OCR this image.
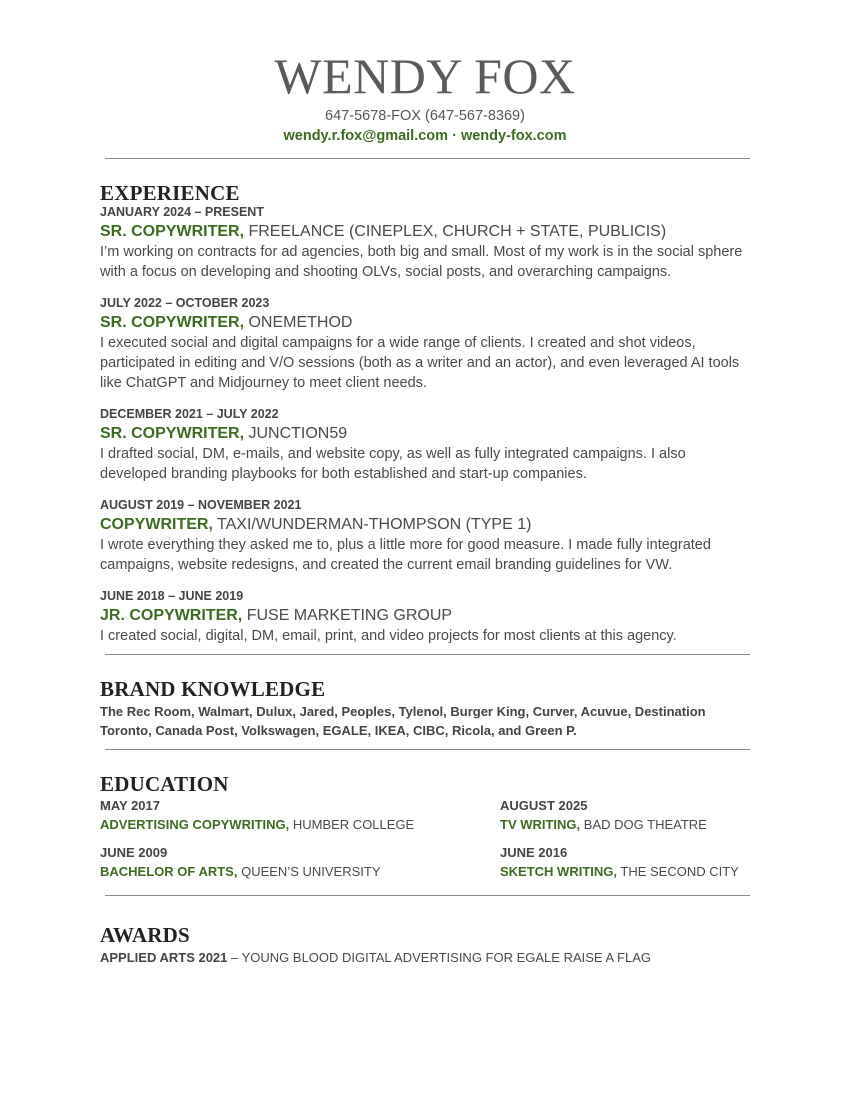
WENDY FOX
647-5678-FOX (647-567-8369)
wendy.r.fox@gmail.com · wendy-fox.com
EXPERIENCE
JANUARY 2024 – PRESENT
SR. COPYWRITER, FREELANCE (CINEPLEX, CHURCH + STATE, PUBLICIS)
I’m working on contracts for ad agencies, both big and small. Most of my work is in the social sphere with a focus on developing and shooting OLVs, social posts, and overarching campaigns.
JULY 2022 – OCTOBER 2023
SR. COPYWRITER, ONEMETHOD
I executed social and digital campaigns for a wide range of clients. I created and shot videos, participated in editing and V/O sessions (both as a writer and an actor), and even leveraged AI tools like ChatGPT and Midjourney to meet client needs.
DECEMBER 2021 – JULY 2022
SR. COPYWRITER, JUNCTION59
I drafted social, DM, e-mails, and website copy, as well as fully integrated campaigns. I also developed branding playbooks for both established and start-up companies.
AUGUST 2019 – NOVEMBER 2021
COPYWRITER, TAXI/WUNDERMAN-THOMPSON (TYPE 1)
I wrote everything they asked me to, plus a little more for good measure. I made fully integrated campaigns, website redesigns, and created the current email branding guidelines for VW.
JUNE 2018 – JUNE 2019
JR. COPYWRITER, FUSE MARKETING GROUP
I created social, digital, DM, email, print, and video projects for most clients at this agency.
BRAND KNOWLEDGE
The Rec Room, Walmart, Dulux, Jared, Peoples, Tylenol, Burger King, Curver, Acuvue, Destination Toronto, Canada Post, Volkswagen, EGALE, IKEA, CIBC, Ricola, and Green P.
EDUCATION
MAY 2017
ADVERTISING COPYWRITING, HUMBER COLLEGE
AUGUST 2025
TV WRITING, BAD DOG THEATRE
JUNE 2009
BACHELOR OF ARTS, QUEEN’S UNIVERSITY
JUNE 2016
SKETCH WRITING, THE SECOND CITY
AWARDS
APPLIED ARTS 2021 – YOUNG BLOOD DIGITAL ADVERTISING FOR EGALE RAISE A FLAG
